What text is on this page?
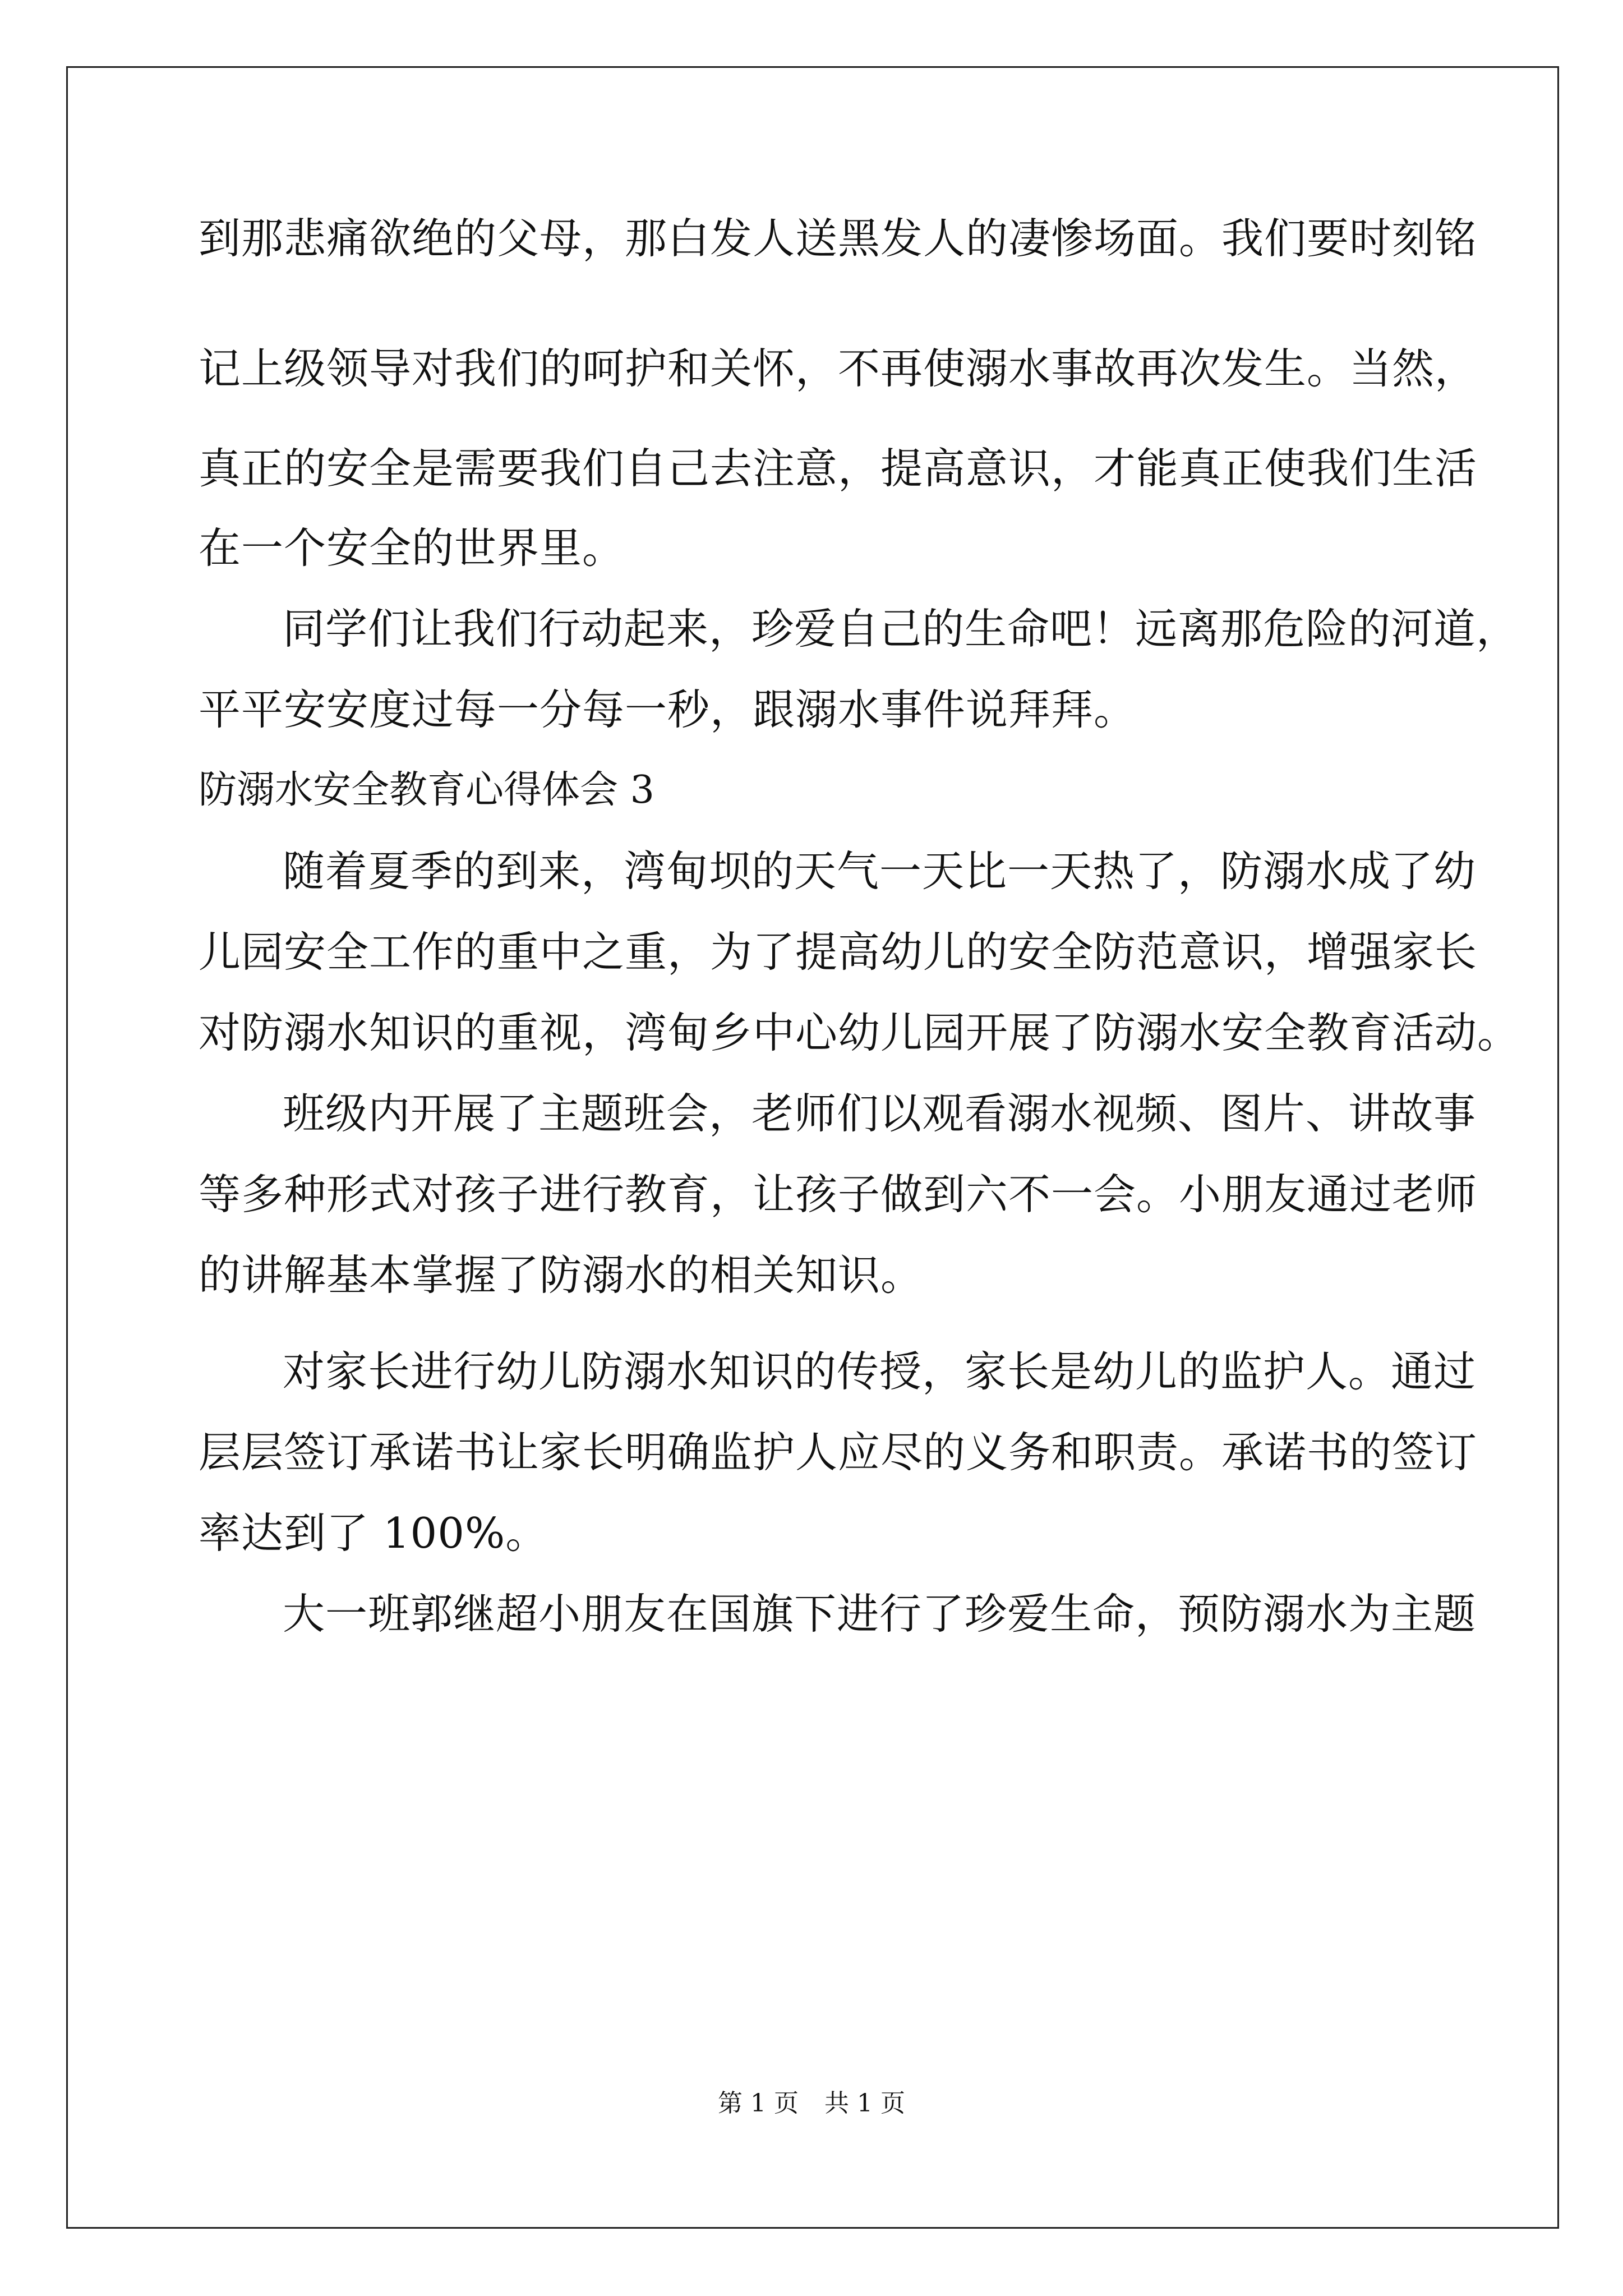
到那悲痛欲绝的父母，那白发人送黑发人的凄惨场面。我们要时刻铭
记上级领导对我们的呵护和关怀，不再使溺水事故再次发生。当然，
真正的安全是需要我们自己去注意，提高意识，才能真正使我们生活
在一个安全的世界里。
同学们让我们行动起来，珍爱自己的生命吧！远离那危险的河道，
平平安安度过每一分每一秒，跟溺水事件说拜拜。
防溺水安全教育心得体会 3
随着夏季的到来，湾甸坝的天气一天比一天热了，防溺水成了幼
儿园安全工作的重中之重，为了提高幼儿的安全防范意识，增强家长
对防溺水知识的重视，湾甸乡中心幼儿园开展了防溺水安全教育活动。
班级内开展了主题班会，老师们以观看溺水视频、图片、讲故事
等多种形式对孩子进行教育，让孩子做到六不一会。小朋友通过老师
的讲解基本掌握了防溺水的相关知识。
对家长进行幼儿防溺水知识的传授，家长是幼儿的监护人。通过
层层签订承诺书让家长明确监护人应尽的义务和职责。承诺书的签订
率达到了 100%。
大一班郭继超小朋友在国旗下进行了珍爱生命，预防溺水为主题
第 1 页 共 1 页
